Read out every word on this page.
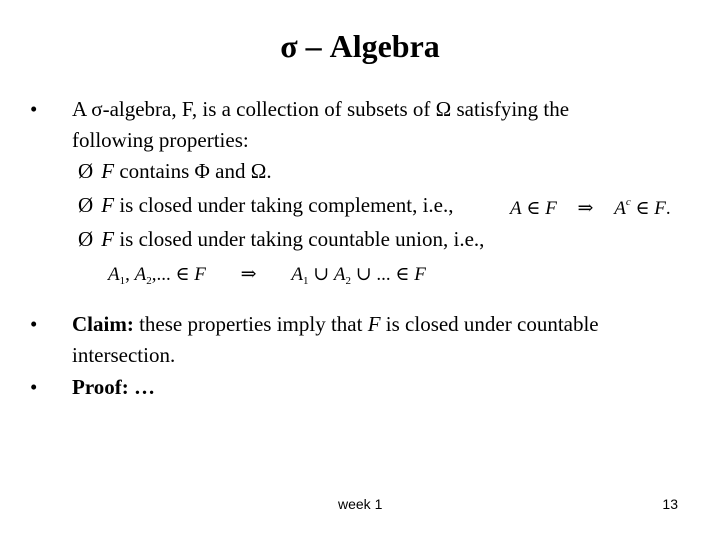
σ – Algebra
• A σ-algebra, F, is a collection of subsets of Ω satisfying the
following properties:
Ø F contains Φ and Ω.
Ø F is closed under taking complement, i.e.,	A ∈ F ⇒ $A^c$ ∈ F.
Ø F is closed under taking countable union, i.e.,
$A_1$, $A_2$,... ∈ F ⇒ $A_1$ ∪ $A_2$ ∪ ... ∈ F
• Claim: these properties imply that F is closed under countable
intersection.
• Proof: …
week 1	13
